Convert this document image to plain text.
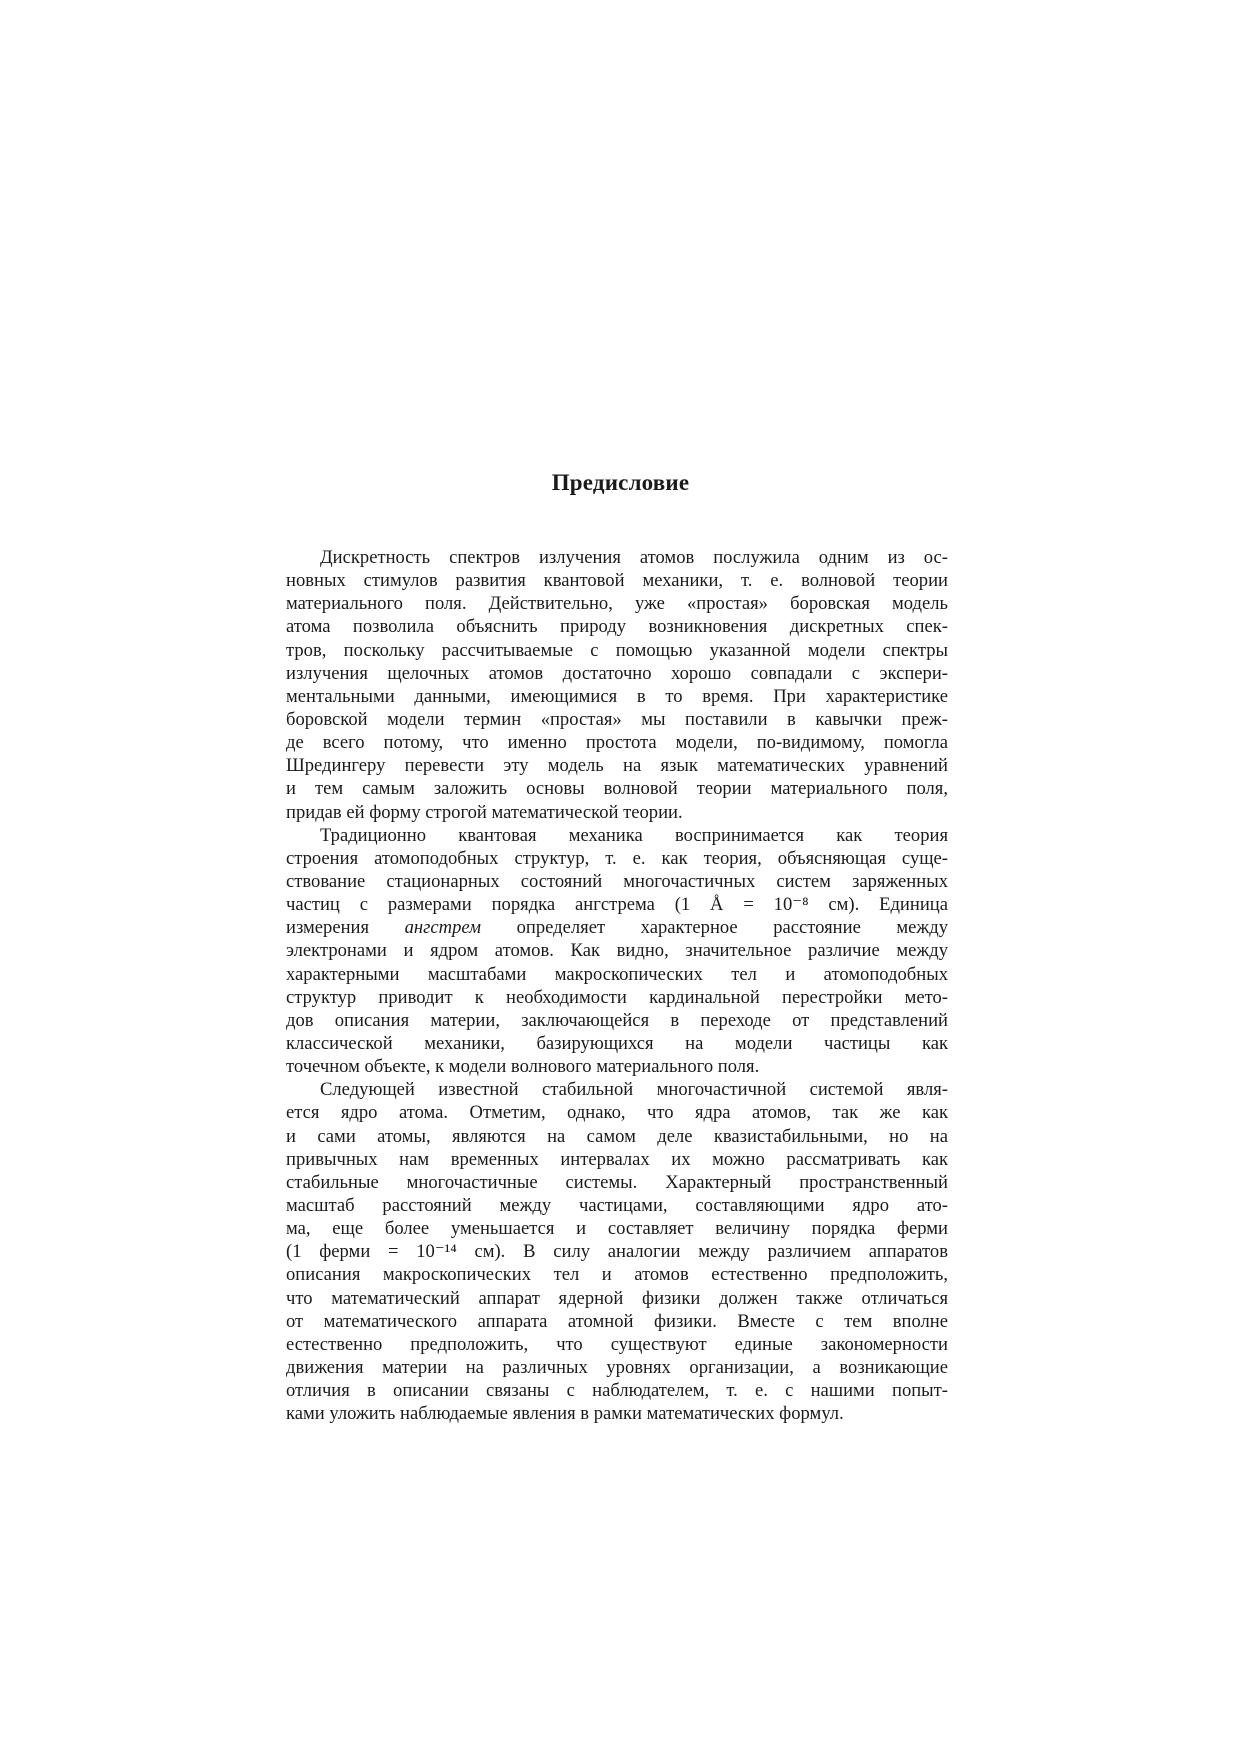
Предисловие
Дискретность спектров излучения атомов послужила одним из ос-
новных стимулов развития квантовой механики, т. е. волновой теории
материального поля. Действительно, уже «простая» боровская модель
атома позволила объяснить природу возникновения дискретных спек-
тров, поскольку рассчитываемые с помощью указанной модели спектры
излучения щелочных атомов достаточно хорошо совпадали с экспери-
ментальными данными, имеющимися в то время. При характеристике
боровской модели термин «простая» мы поставили в кавычки преж-
де всего потому, что именно простота модели, по-видимому, помогла
Шредингеру перевести эту модель на язык математических уравнений
и тем самым заложить основы волновой теории материального поля,
придав ей форму строгой математической теории.
Традиционно квантовая механика воспринимается как теория
строения атомоподобных структур, т. е. как теория, объясняющая суще-
ствование стационарных состояний многочастичных систем заряженных
частиц с размерами порядка ангстрема (1 Å = 10⁻⁸ см). Единица
измерения ангстрем определяет характерное расстояние между
электронами и ядром атомов. Как видно, значительное различие между
характерными масштабами макроскопических тел и атомоподобных
структур приводит к необходимости кардинальной перестройки мето-
дов описания материи, заключающейся в переходе от представлений
классической механики, базирующихся на модели частицы как
точечном объекте, к модели волнового материального поля.
Следующей известной стабильной многочастичной системой явля-
ется ядро атома. Отметим, однако, что ядра атомов, так же как
и сами атомы, являются на самом деле квазистабильными, но на
привычных нам временных интервалах их можно рассматривать как
стабильные многочастичные системы. Характерный пространственный
масштаб расстояний между частицами, составляющими ядро ато-
ма, еще более уменьшается и составляет величину порядка ферми
(1 ферми = 10⁻¹⁴ см). В силу аналогии между различием аппаратов
описания макроскопических тел и атомов естественно предположить,
что математический аппарат ядерной физики должен также отличаться
от математического аппарата атомной физики. Вместе с тем вполне
естественно предположить, что существуют единые закономерности
движения материи на различных уровнях организации, а возникающие
отличия в описании связаны с наблюдателем, т. е. с нашими попыт-
ками уложить наблюдаемые явления в рамки математических формул.
